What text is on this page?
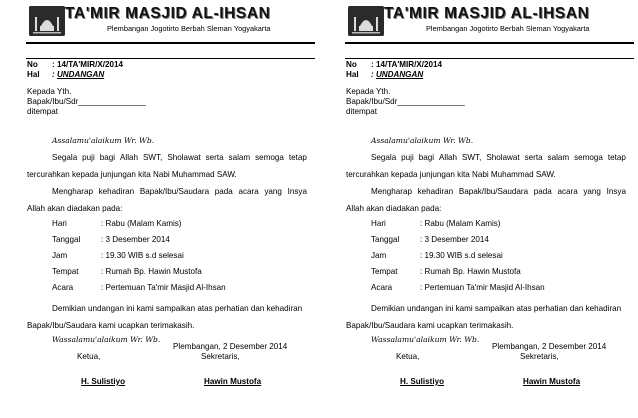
TA'MIR MASJID AL-IHSAN
Plembangan Jogotirto Berbah Sleman Yogyakarta
No : 14/TA'MIR/X/2014
Hal : UNDANGAN
Kepada Yth.
Bapak/Ibu/Sdr_______________
ditempat
Assalamu'alaikum Wr. Wb.
Segala puji bagi Allah SWT, Sholawat serta salam semoga tetap
tercurahkan kepada junjungan kita Nabi Muhammad SAW.
Mengharap kehadiran Bapak/Ibu/Saudara pada acara yang Insya
Allah akan diadakan pada:
Hari	: Rabu (Malam Kamis)
Tanggal	: 3 Desember 2014
Jam	: 19.30 WIB s.d selesai
Tempat	: Rumah Bp. Hawin Mustofa
Acara	: Pertemuan Ta'mir Masjid Al-Ihsan
Demikian undangan ini kami sampaikan atas perhatian dan kehadiran
Bapak/Ibu/Saudara kami ucapkan terimakasih.
Wassalamu'alaikum Wr. Wb.
Plembangan, 2 Desember 2014
Ketua,	Sekretaris,
H. Sulistiyo	Hawin Mustofa
TA'MIR MASJID AL-IHSAN
Plembangan Jogotirto Berbah Sleman Yogyakarta
No : 14/TA'MIR/X/2014
Hal : UNDANGAN
Kepada Yth.
Bapak/Ibu/Sdr_______________
ditempat
Assalamu'alaikum Wr. Wb.
Segala puji bagi Allah SWT, Sholawat serta salam semoga tetap
tercurahkan kepada junjungan kita Nabi Muhammad SAW.
Mengharap kehadiran Bapak/Ibu/Saudara pada acara yang Insya
Allah akan diadakan pada:
Hari	: Rabu (Malam Kamis)
Tanggal	: 3 Desember 2014
Jam	: 19.30 WIB s.d selesai
Tempat	: Rumah Bp. Hawin Mustofa
Acara	: Pertemuan Ta'mir Masjid Al-Ihsan
Demikian undangan ini kami sampaikan atas perhatian dan kehadiran
Bapak/Ibu/Saudara kami ucapkan terimakasih.
Wassalamu'alaikum Wr. Wb.
Plembangan, 2 Desember 2014
Ketua,	Sekretaris,
H. Sulistiyo	Hawin Mustofa
